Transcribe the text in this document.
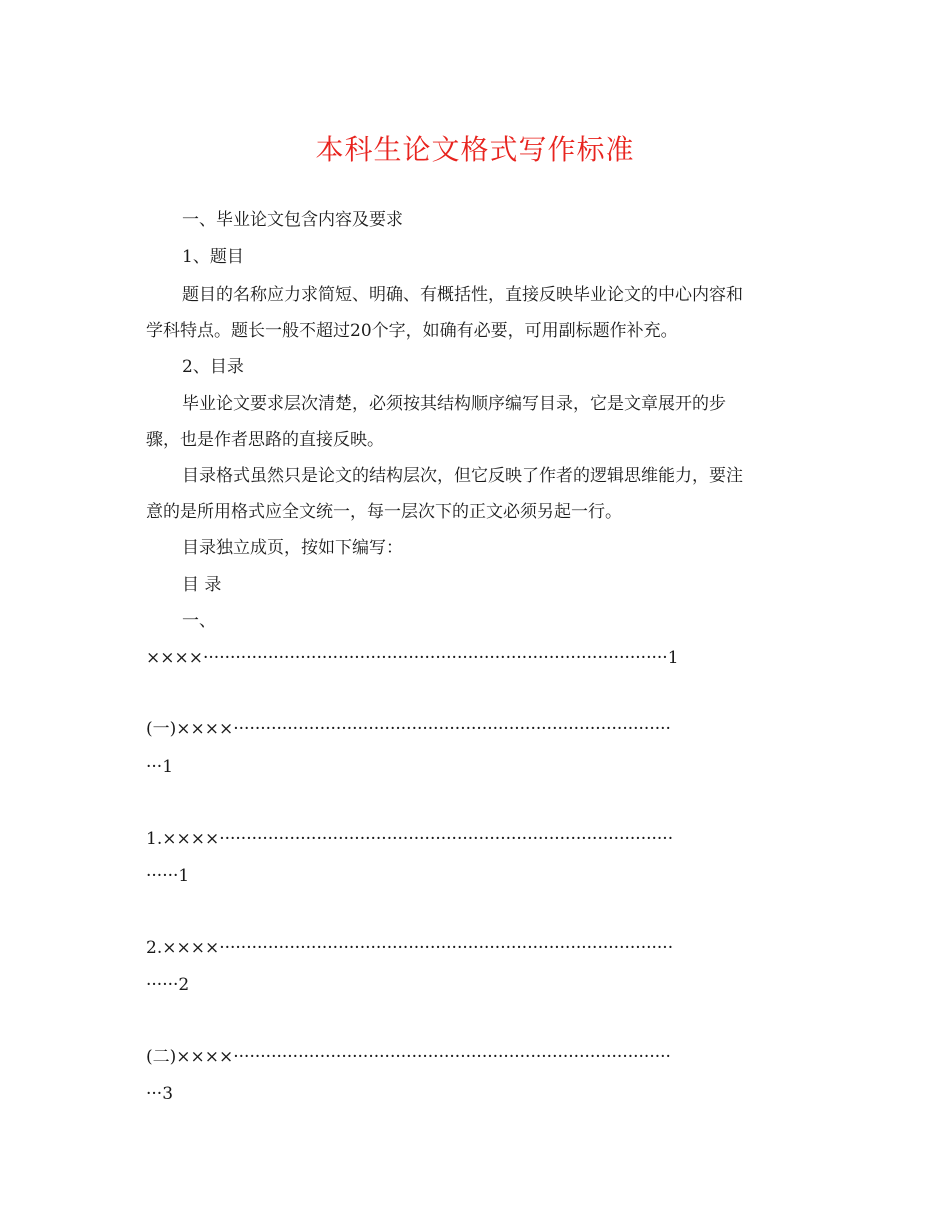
本科生论文格式写作标准
一、毕业论文包含内容及要求
1、题目
题目的名称应力求简短、明确、有概括性，直接反映毕业论文的中心内容和
学科特点。题长一般不超过20个字，如确有必要，可用副标题作补充。
2、目录
毕业论文要求层次清楚，必须按其结构顺序编写目录，它是文章展开的步
骤，也是作者思路的直接反映。
目录格式虽然只是论文的结构层次，但它反映了作者的逻辑思维能力，要注
意的是所用格式应全文统一，每一层次下的正文必须另起一行。
目录独立成页，按如下编写：
目 录
一、
××××······················································································1
(一)××××·················································································
···1
1.××××····················································································
······1
2.××××····················································································
······2
(二)××××·················································································
···3
